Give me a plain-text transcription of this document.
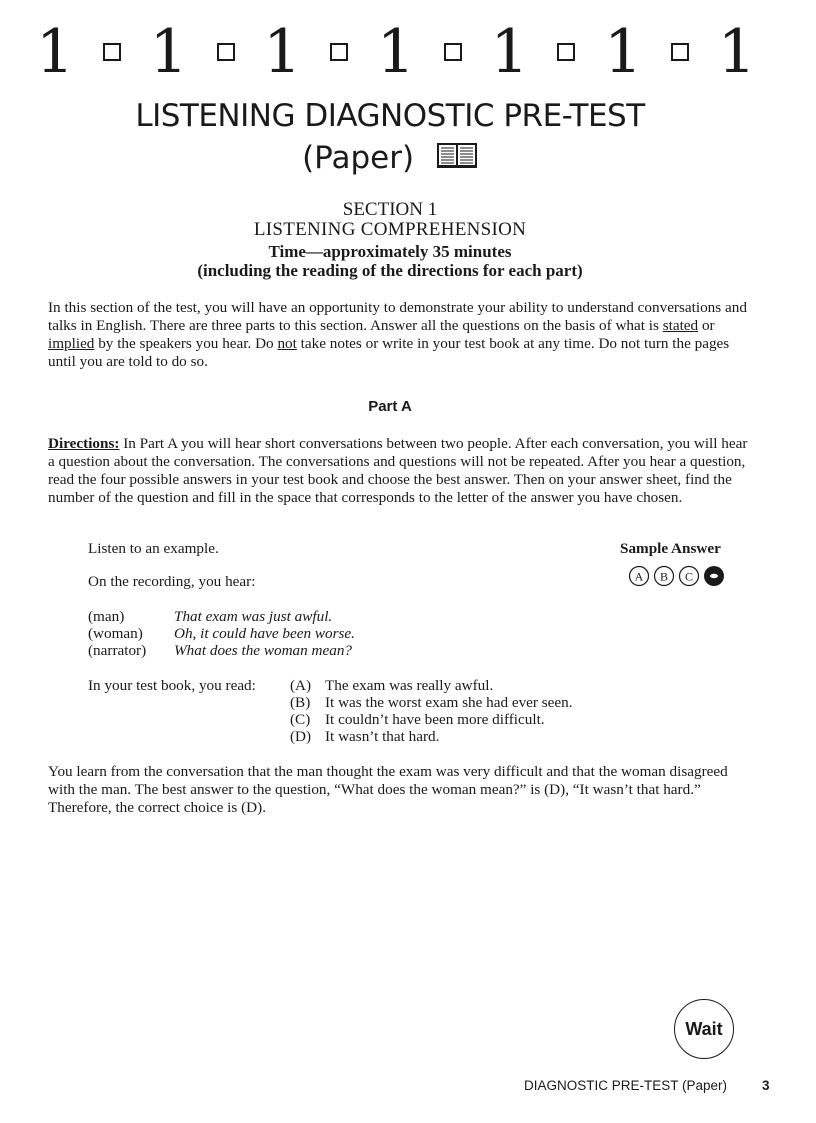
1 1 1 1 1 1 1
LISTENING DIAGNOSTIC PRE-TEST
(Paper)
SECTION 1
LISTENING COMPREHENSION
Time—approximately 35 minutes
(including the reading of the directions for each part)
In this section of the test, you will have an opportunity to demonstrate your ability to understand conversations and talks in English. There are three parts to this section. Answer all the questions on the basis of what is stated or implied by the speakers you hear. Do not take notes or write in your test book at any time. Do not turn the pages until you are told to do so.
Part A
Directions: In Part A you will hear short conversations between two people. After each conversation, you will hear a question about the conversation. The conversations and questions will not be repeated. After you hear a question, read the four possible answers in your test book and choose the best answer. Then on your answer sheet, find the number of the question and fill in the space that corresponds to the letter of the answer you have chosen.
Listen to an example.	Sample Answer
On the recording, you hear:	A B C
(man)	That exam was just awful.
(woman) Oh, it could have been worse.
(narrator) What does the woman mean?
In your test book, you read: (A) The exam was really awful.
(B) It was the worst exam she had ever seen.
(C) It couldn’t have been more difficult.
(D) It wasn’t that hard.
You learn from the conversation that the man thought the exam was very difficult and that the woman disagreed with the man. The best answer to the question, “What does the woman mean?” is (D), “It wasn’t that hard.” Therefore, the correct choice is (D).
Wait
DIAGNOSTIC PRE-TEST (Paper)	3
